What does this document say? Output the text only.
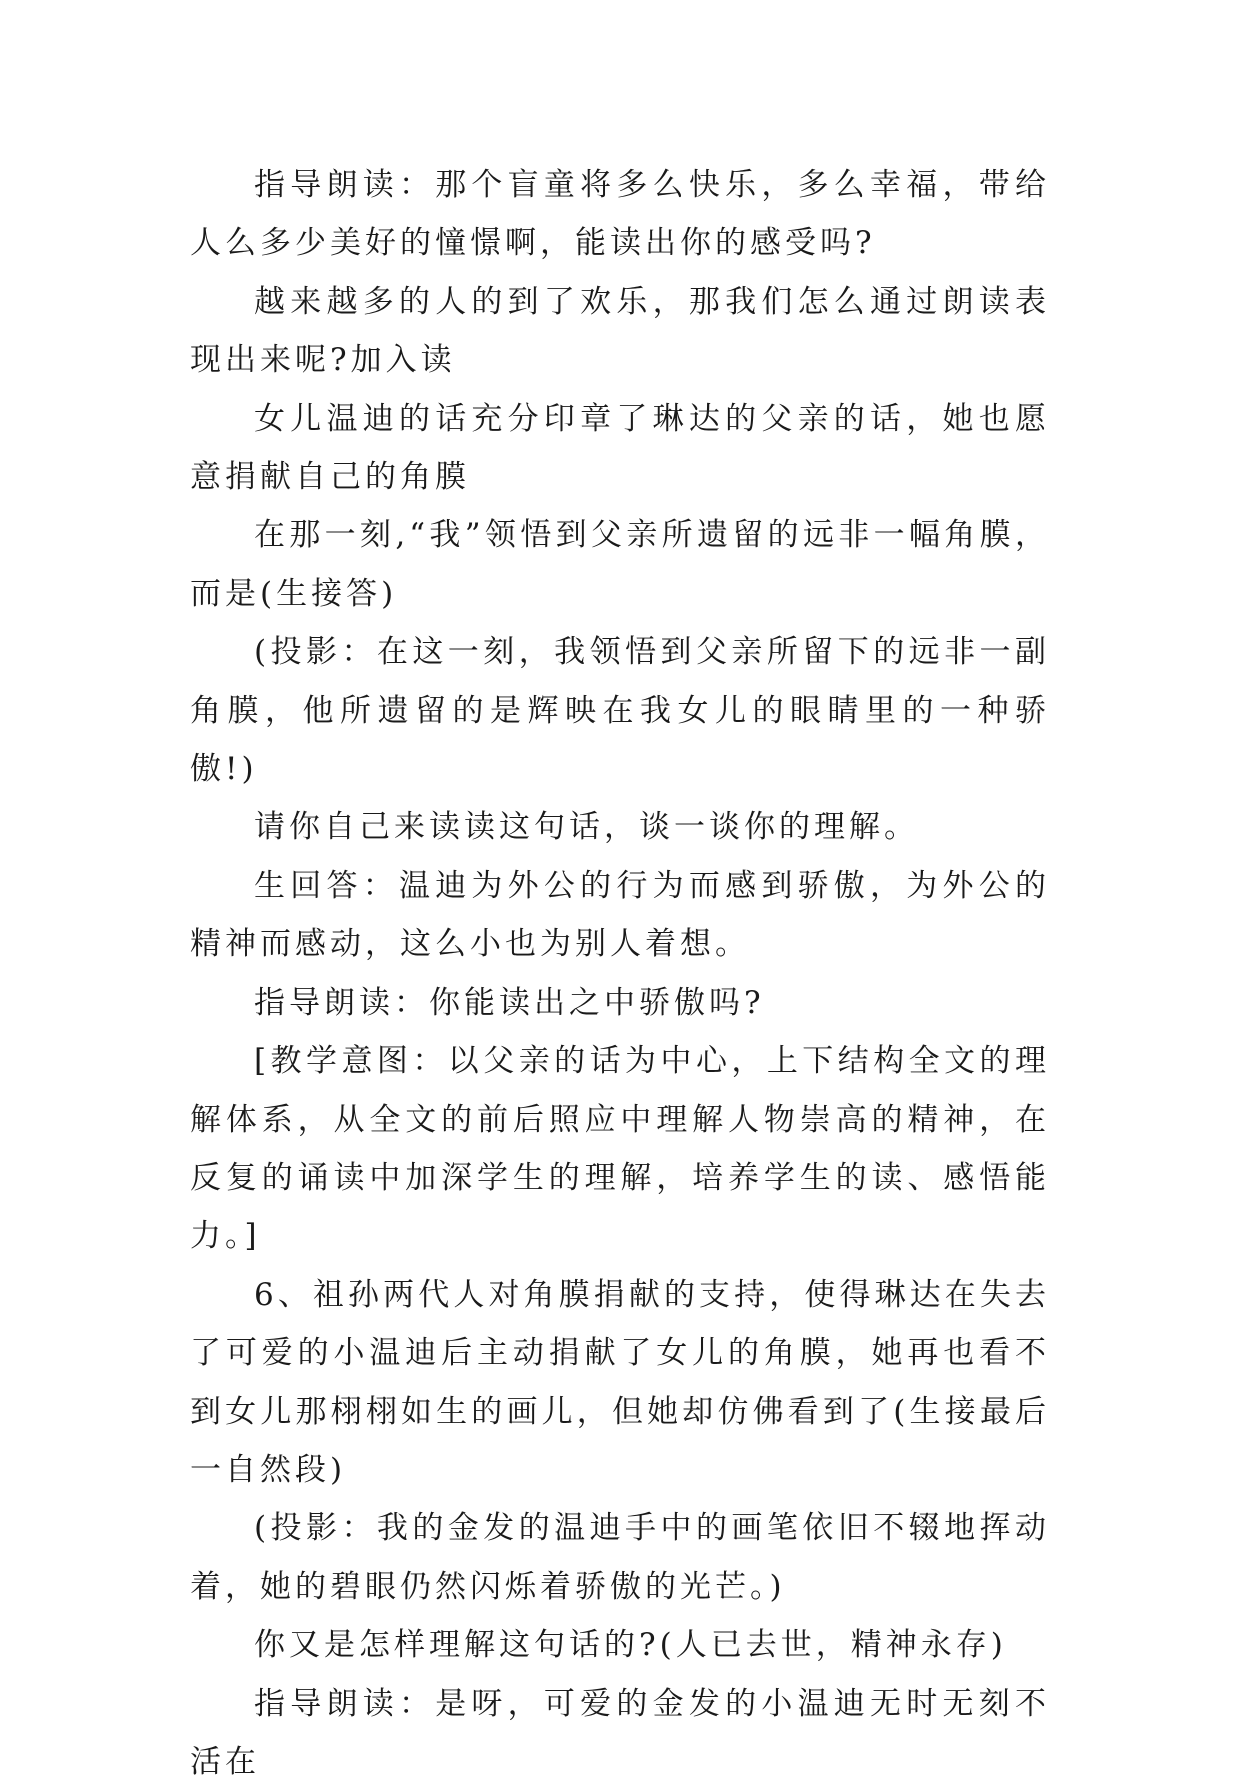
指导朗读：那个盲童将多么快乐，多么幸福，带给人么多少美好的憧憬啊，能读出你的感受吗?

越来越多的人的到了欢乐，那我们怎么通过朗读表现出来呢?加入读

女儿温迪的话充分印章了琳达的父亲的话，她也愿意捐献自己的角膜

在那一刻,“我”领悟到父亲所遗留的远非一幅角膜，而是(生接答)

(投影：在这一刻，我领悟到父亲所留下的远非一副角膜，他所遗留的是辉映在我女儿的眼睛里的一种骄傲!)

请你自己来读读这句话，谈一谈你的理解。

生回答：温迪为外公的行为而感到骄傲，为外公的精神而感动，这么小也为别人着想。

指导朗读：你能读出之中骄傲吗?

[教学意图：以父亲的话为中心，上下结构全文的理解体系，从全文的前后照应中理解人物崇高的精神，在反复的诵读中加深学生的理解，培养学生的读、感悟能力。]

6、祖孙两代人对角膜捐献的支持，使得琳达在失去了可爱的小温迪后主动捐献了女儿的角膜，她再也看不到女儿那栩栩如生的画儿，但她却仿佛看到了(生接最后一自然段)

(投影：我的金发的温迪手中的画笔依旧不辍地挥动着，她的碧眼仍然闪烁着骄傲的光芒。)

你又是怎样理解这句话的?(人已去世，精神永存)

指导朗读：是呀，可爱的金发的小温迪无时无刻不活在
